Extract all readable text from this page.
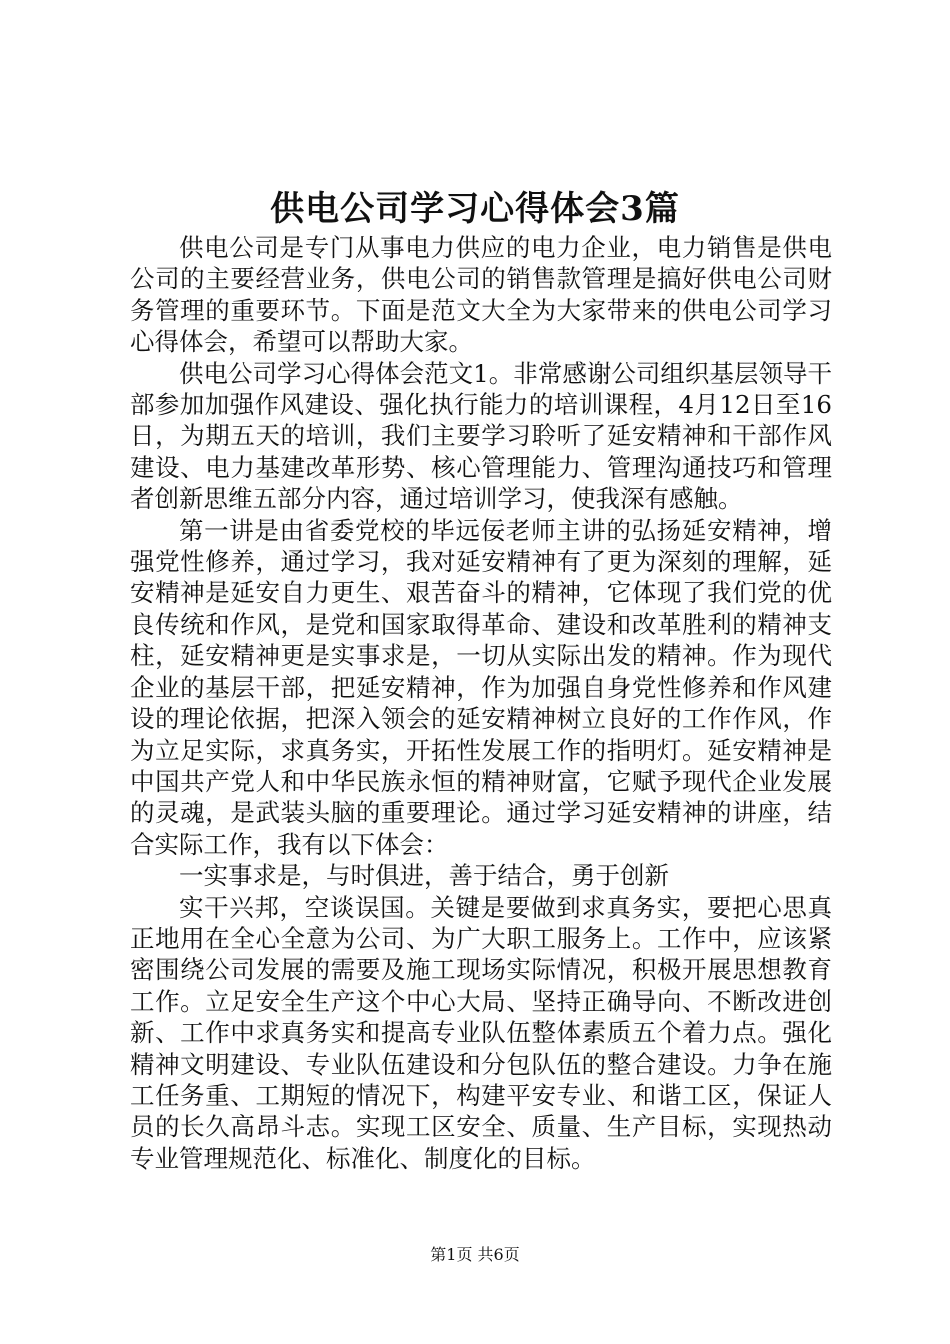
供电公司学习心得体会3篇

供电公司是专门从事电力供应的电力企业，电力销售是供电公司的主要经营业务，供电公司的销售款管理是搞好供电公司财务管理的重要环节。下面是范文大全为大家带来的供电公司学习心得体会，希望可以帮助大家。

供电公司学习心得体会范文1。非常感谢公司组织基层领导干部参加加强作风建设、强化执行能力的培训课程，4月12日至16日，为期五天的培训，我们主要学习聆听了延安精神和干部作风建设、电力基建改革形势、核心管理能力、管理沟通技巧和管理者创新思维五部分内容，通过培训学习，使我深有感触。

第一讲是由省委党校的毕远佞老师主讲的弘扬延安精神，增强党性修养，通过学习，我对延安精神有了更为深刻的理解，延安精神是延安自力更生、艰苦奋斗的精神，它体现了我们党的优良传统和作风，是党和国家取得革命、建设和改革胜利的精神支柱，延安精神更是实事求是，一切从实际出发的精神。作为现代企业的基层干部，把延安精神，作为加强自身党性修养和作风建设的理论依据，把深入领会的延安精神树立良好的工作作风，作为立足实际，求真务实，开拓性发展工作的指明灯。延安精神是中国共产党人和中华民族永恒的精神财富，它赋予现代企业发展的灵魂，是武装头脑的重要理论。通过学习延安精神的讲座，结合实际工作，我有以下体会：

一实事求是，与时俱进，善于结合，勇于创新

实干兴邦，空谈误国。关键是要做到求真务实，要把心思真正地用在全心全意为公司、为广大职工服务上。工作中，应该紧密围绕公司发展的需要及施工现场实际情况，积极开展思想教育工作。立足安全生产这个中心大局、坚持正确导向、不断改进创新、工作中求真务实和提高专业队伍整体素质五个着力点。强化精神文明建设、专业队伍建设和分包队伍的整合建设。力争在施工任务重、工期短的情况下，构建平安专业、和谐工区，保证人员的长久高昂斗志。实现工区安全、质量、生产目标，实现热动专业管理规范化、标准化、制度化的目标。

第1页 共6页
